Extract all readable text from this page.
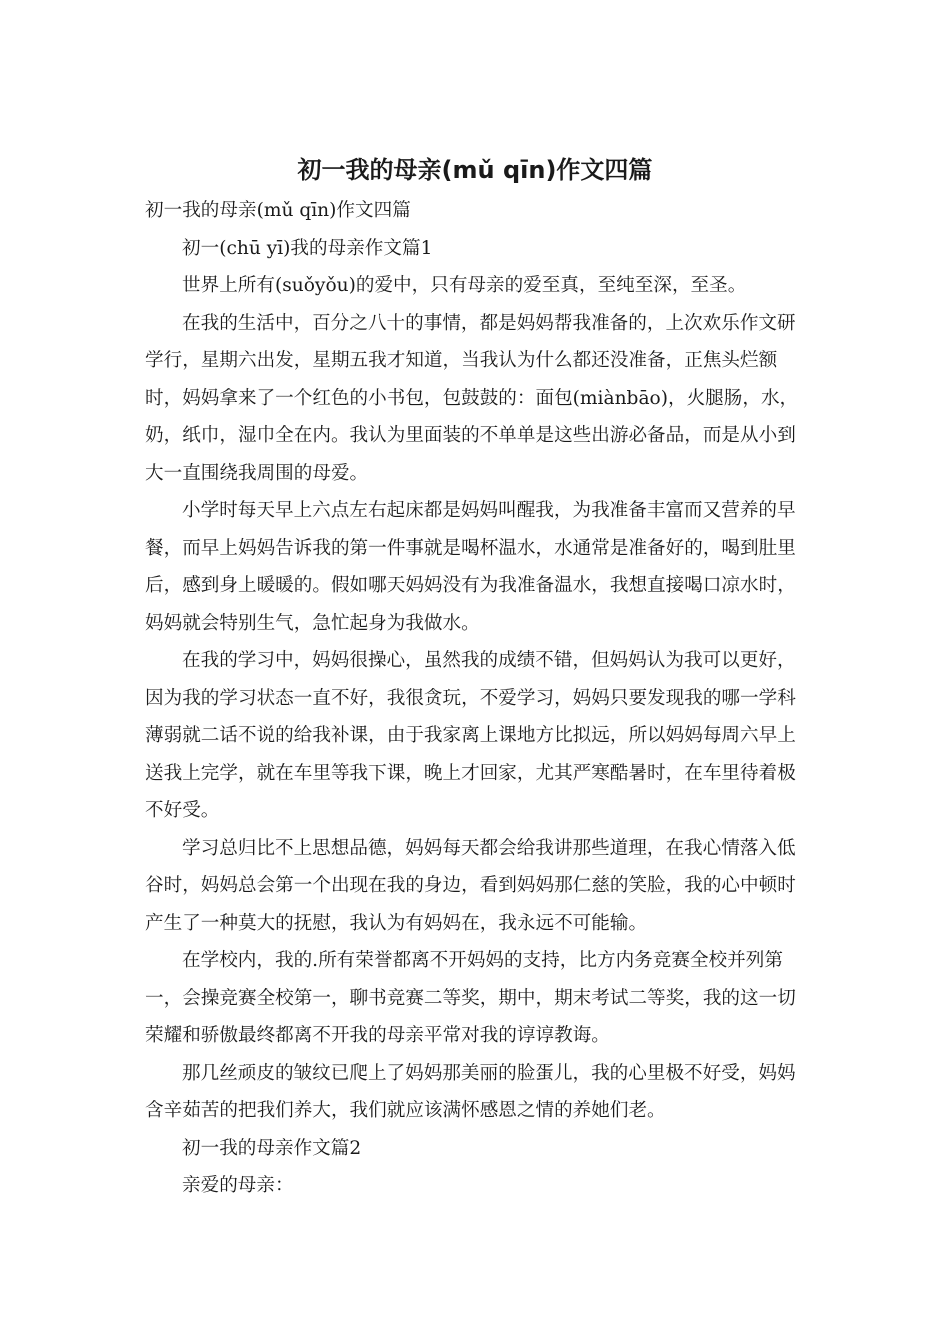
初一我的母亲(mǔ qīn)作文四篇

初一我的母亲(mǔ qīn)作文四篇

初一(chū yī)我的母亲作文篇1

世界上所有(suǒyǒu)的爱中，只有母亲的爱至真，至纯至深，至圣。

在我的生活中，百分之八十的事情，都是妈妈帮我准备的，上次欢乐作文研学行，星期六出发，星期五我才知道，当我认为什么都还没准备，正焦头烂额时，妈妈拿来了一个红色的小书包，包鼓鼓的：面包(miànbāo)，火腿肠，水，奶，纸巾，湿巾全在内。我认为里面装的不单单是这些出游必备品，而是从小到大一直围绕我周围的母爱。

小学时每天早上六点左右起床都是妈妈叫醒我，为我准备丰富而又营养的早餐，而早上妈妈告诉我的第一件事就是喝杯温水，水通常是准备好的，喝到肚里后，感到身上暖暖的。假如哪天妈妈没有为我准备温水，我想直接喝口凉水时，妈妈就会特别生气，急忙起身为我做水。

在我的学习中，妈妈很操心，虽然我的成绩不错，但妈妈认为我可以更好，因为我的学习状态一直不好，我很贪玩，不爱学习，妈妈只要发现我的哪一学科薄弱就二话不说的给我补课，由于我家离上课地方比拟远，所以妈妈每周六早上送我上完学，就在车里等我下课，晚上才回家，尤其严寒酷暑时，在车里待着极不好受。

学习总归比不上思想品德，妈妈每天都会给我讲那些道理，在我心情落入低谷时，妈妈总会第一个出现在我的身边，看到妈妈那仁慈的笑脸，我的心中顿时产生了一种莫大的抚慰，我认为有妈妈在，我永远不可能输。

在学校内，我的.所有荣誉都离不开妈妈的支持，比方内务竞赛全校并列第一，会操竞赛全校第一，聊书竞赛二等奖，期中，期末考试二等奖，我的这一切荣耀和骄傲最终都离不开我的母亲平常对我的谆谆教诲。

那几丝顽皮的皱纹已爬上了妈妈那美丽的脸蛋儿，我的心里极不好受，妈妈含辛茹苦的把我们养大，我们就应该满怀感恩之情的养她们老。

初一我的母亲作文篇2

亲爱的母亲：
